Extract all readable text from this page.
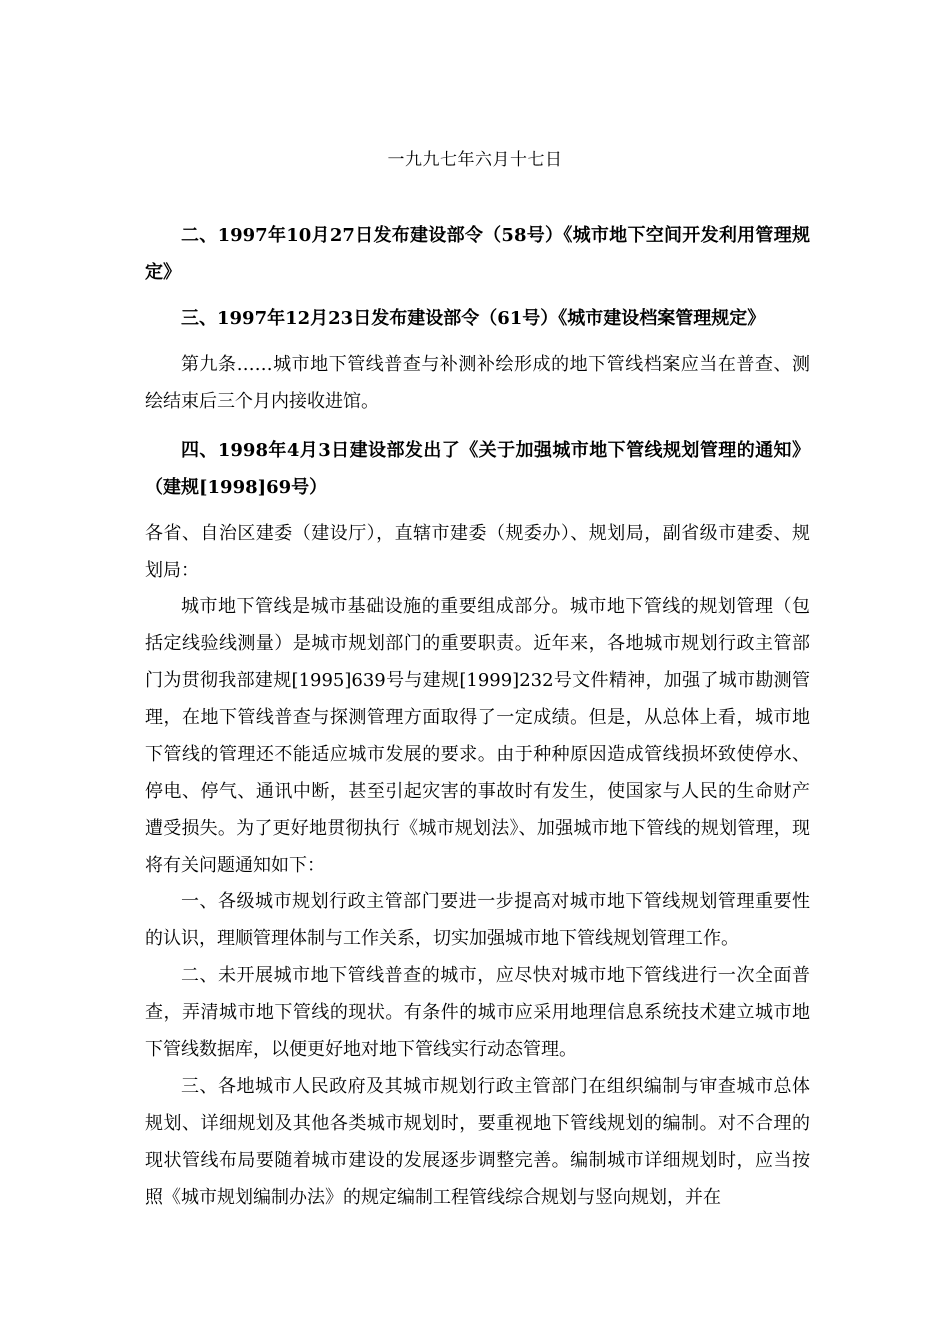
一九九七年六月十七日

二、1997年10月27日发布建设部令（58号）《城市地下空间开发利用管理规定》

三、1997年12月23日发布建设部令（61号）《城市建设档案管理规定》

第九条……城市地下管线普查与补测补绘形成的地下管线档案应当在普查、测绘结束后三个月内接收进馆。

四、1998年4月3日建设部发出了《关于加强城市地下管线规划管理的通知》（建规[1998]69号）

各省、自治区建委（建设厅），直辖市建委（规委办）、规划局，副省级市建委、规划局：

城市地下管线是城市基础设施的重要组成部分。城市地下管线的规划管理（包括定线验线测量）是城市规划部门的重要职责。近年来，各地城市规划行政主管部门为贯彻我部建规[1995]639号与建规[1999]232号文件精神，加强了城市勘测管理，在地下管线普查与探测管理方面取得了一定成绩。但是，从总体上看，城市地下管线的管理还不能适应城市发展的要求。由于种种原因造成管线损坏致使停水、停电、停气、通讯中断，甚至引起灾害的事故时有发生，使国家与人民的生命财产遭受损失。为了更好地贯彻执行《城市规划法》、加强城市地下管线的规划管理，现将有关问题通知如下：

一、各级城市规划行政主管部门要进一步提高对城市地下管线规划管理重要性的认识，理顺管理体制与工作关系，切实加强城市地下管线规划管理工作。

二、未开展城市地下管线普查的城市，应尽快对城市地下管线进行一次全面普查，弄清城市地下管线的现状。有条件的城市应采用地理信息系统技术建立城市地下管线数据库，以便更好地对地下管线实行动态管理。

三、各地城市人民政府及其城市规划行政主管部门在组织编制与审查城市总体规划、详细规划及其他各类城市规划时，要重视地下管线规划的编制。对不合理的现状管线布局要随着城市建设的发展逐步调整完善。编制城市详细规划时，应当按照《城市规划编制办法》的规定编制工程管线综合规划与竖向规划，并在
